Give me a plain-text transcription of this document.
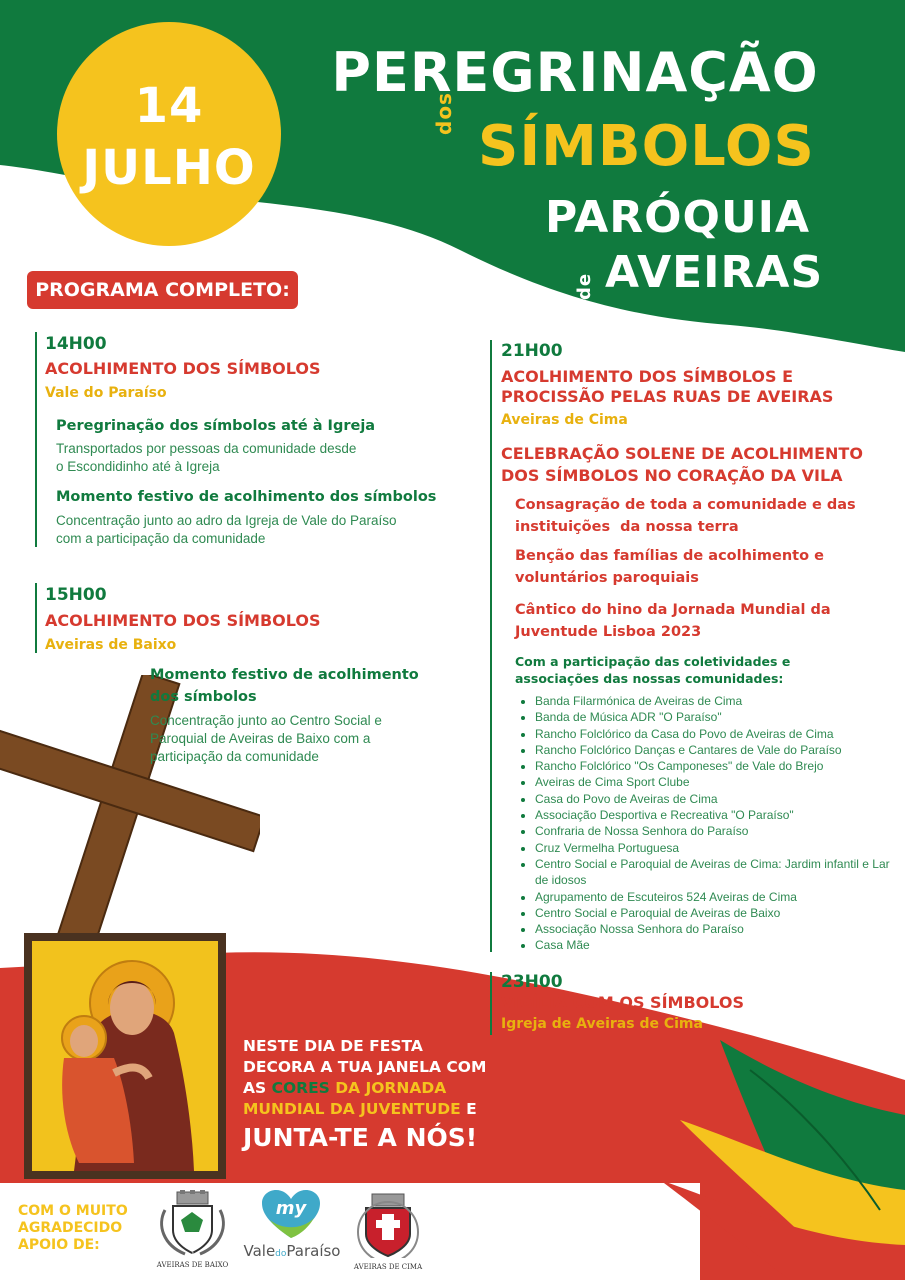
14
JULHO
PEREGRINAÇÃO
dos
SÍMBOLOS
PARÓQUIA
de AVEIRAS
PROGRAMA COMPLETO:
14H00
ACOLHIMENTO DOS SÍMBOLOS
Vale do Paraíso
Peregrinação dos símbolos até à Igreja
Transportados por pessoas da comunidade desde
o Escondidinho até à Igreja
Momento festivo de acolhimento dos símbolos
Concentração junto ao adro da Igreja de Vale do Paraíso
com a participação da comunidade
15H00
ACOLHIMENTO DOS SÍMBOLOS
Aveiras de Baixo
Momento festivo de acolhimento
dos símbolos
Concentração junto ao Centro Social e
Paroquial de Aveiras de Baixo com a
participação da comunidade
21H00
ACOLHIMENTO DOS SÍMBOLOS E
PROCISSÃO PELAS RUAS DE AVEIRAS
Aveiras de Cima
CELEBRAÇÃO SOLENE DE ACOLHIMENTO
DOS SÍMBOLOS NO CORAÇÃO DA VILA
Consagração de toda a comunidade e das
instituições  da nossa terra
Benção das famílias de acolhimento e
voluntários paroquiais
Cântico do hino da Jornada Mundial da
Juventude Lisboa 2023
Com a participação das coletividades e
associações das nossas comunidades:
• Banda Filarmónica de Aveiras de Cima
• Banda de Música ADR "O Paraíso"
• Rancho Folclórico da Casa do Povo de Aveiras de Cima
• Rancho Folclórico Danças e Cantares de Vale do Paraíso
• Rancho Folclórico "Os Camponeses" de Vale do Brejo
• Aveiras de Cima Sport Clube
• Casa do Povo de Aveiras de Cima
• Associação Desportiva e Recreativa "O Paraíso"
• Confraria de Nossa Senhora do Paraíso
• Cruz Vermelha Portuguesa
• Centro Social e Paroquial de Aveiras de Cima: Jardim infantil e Lar de idosos
• Agrupamento de Escuteiros 524 Aveiras de Cima
• Centro Social e Paroquial de Aveiras de Baixo
• Associação Nossa Senhora do Paraíso
• Casa Mãe
23H00
VIGÍLIA COM OS SÍMBOLOS
Igreja de Aveiras de Cima
NESTE DIA DE FESTA
DECORA A TUA JANELA COM
AS CORES DA JORNADA
MUNDIAL DA JUVENTUDE E
JUNTA-TE A NÓS!
COM O MUITO
AGRADECIDO
APOIO DE:
AVEIRAS DE BAIXO
my
ValedoParaíso
AVEIRAS DE CIMA
